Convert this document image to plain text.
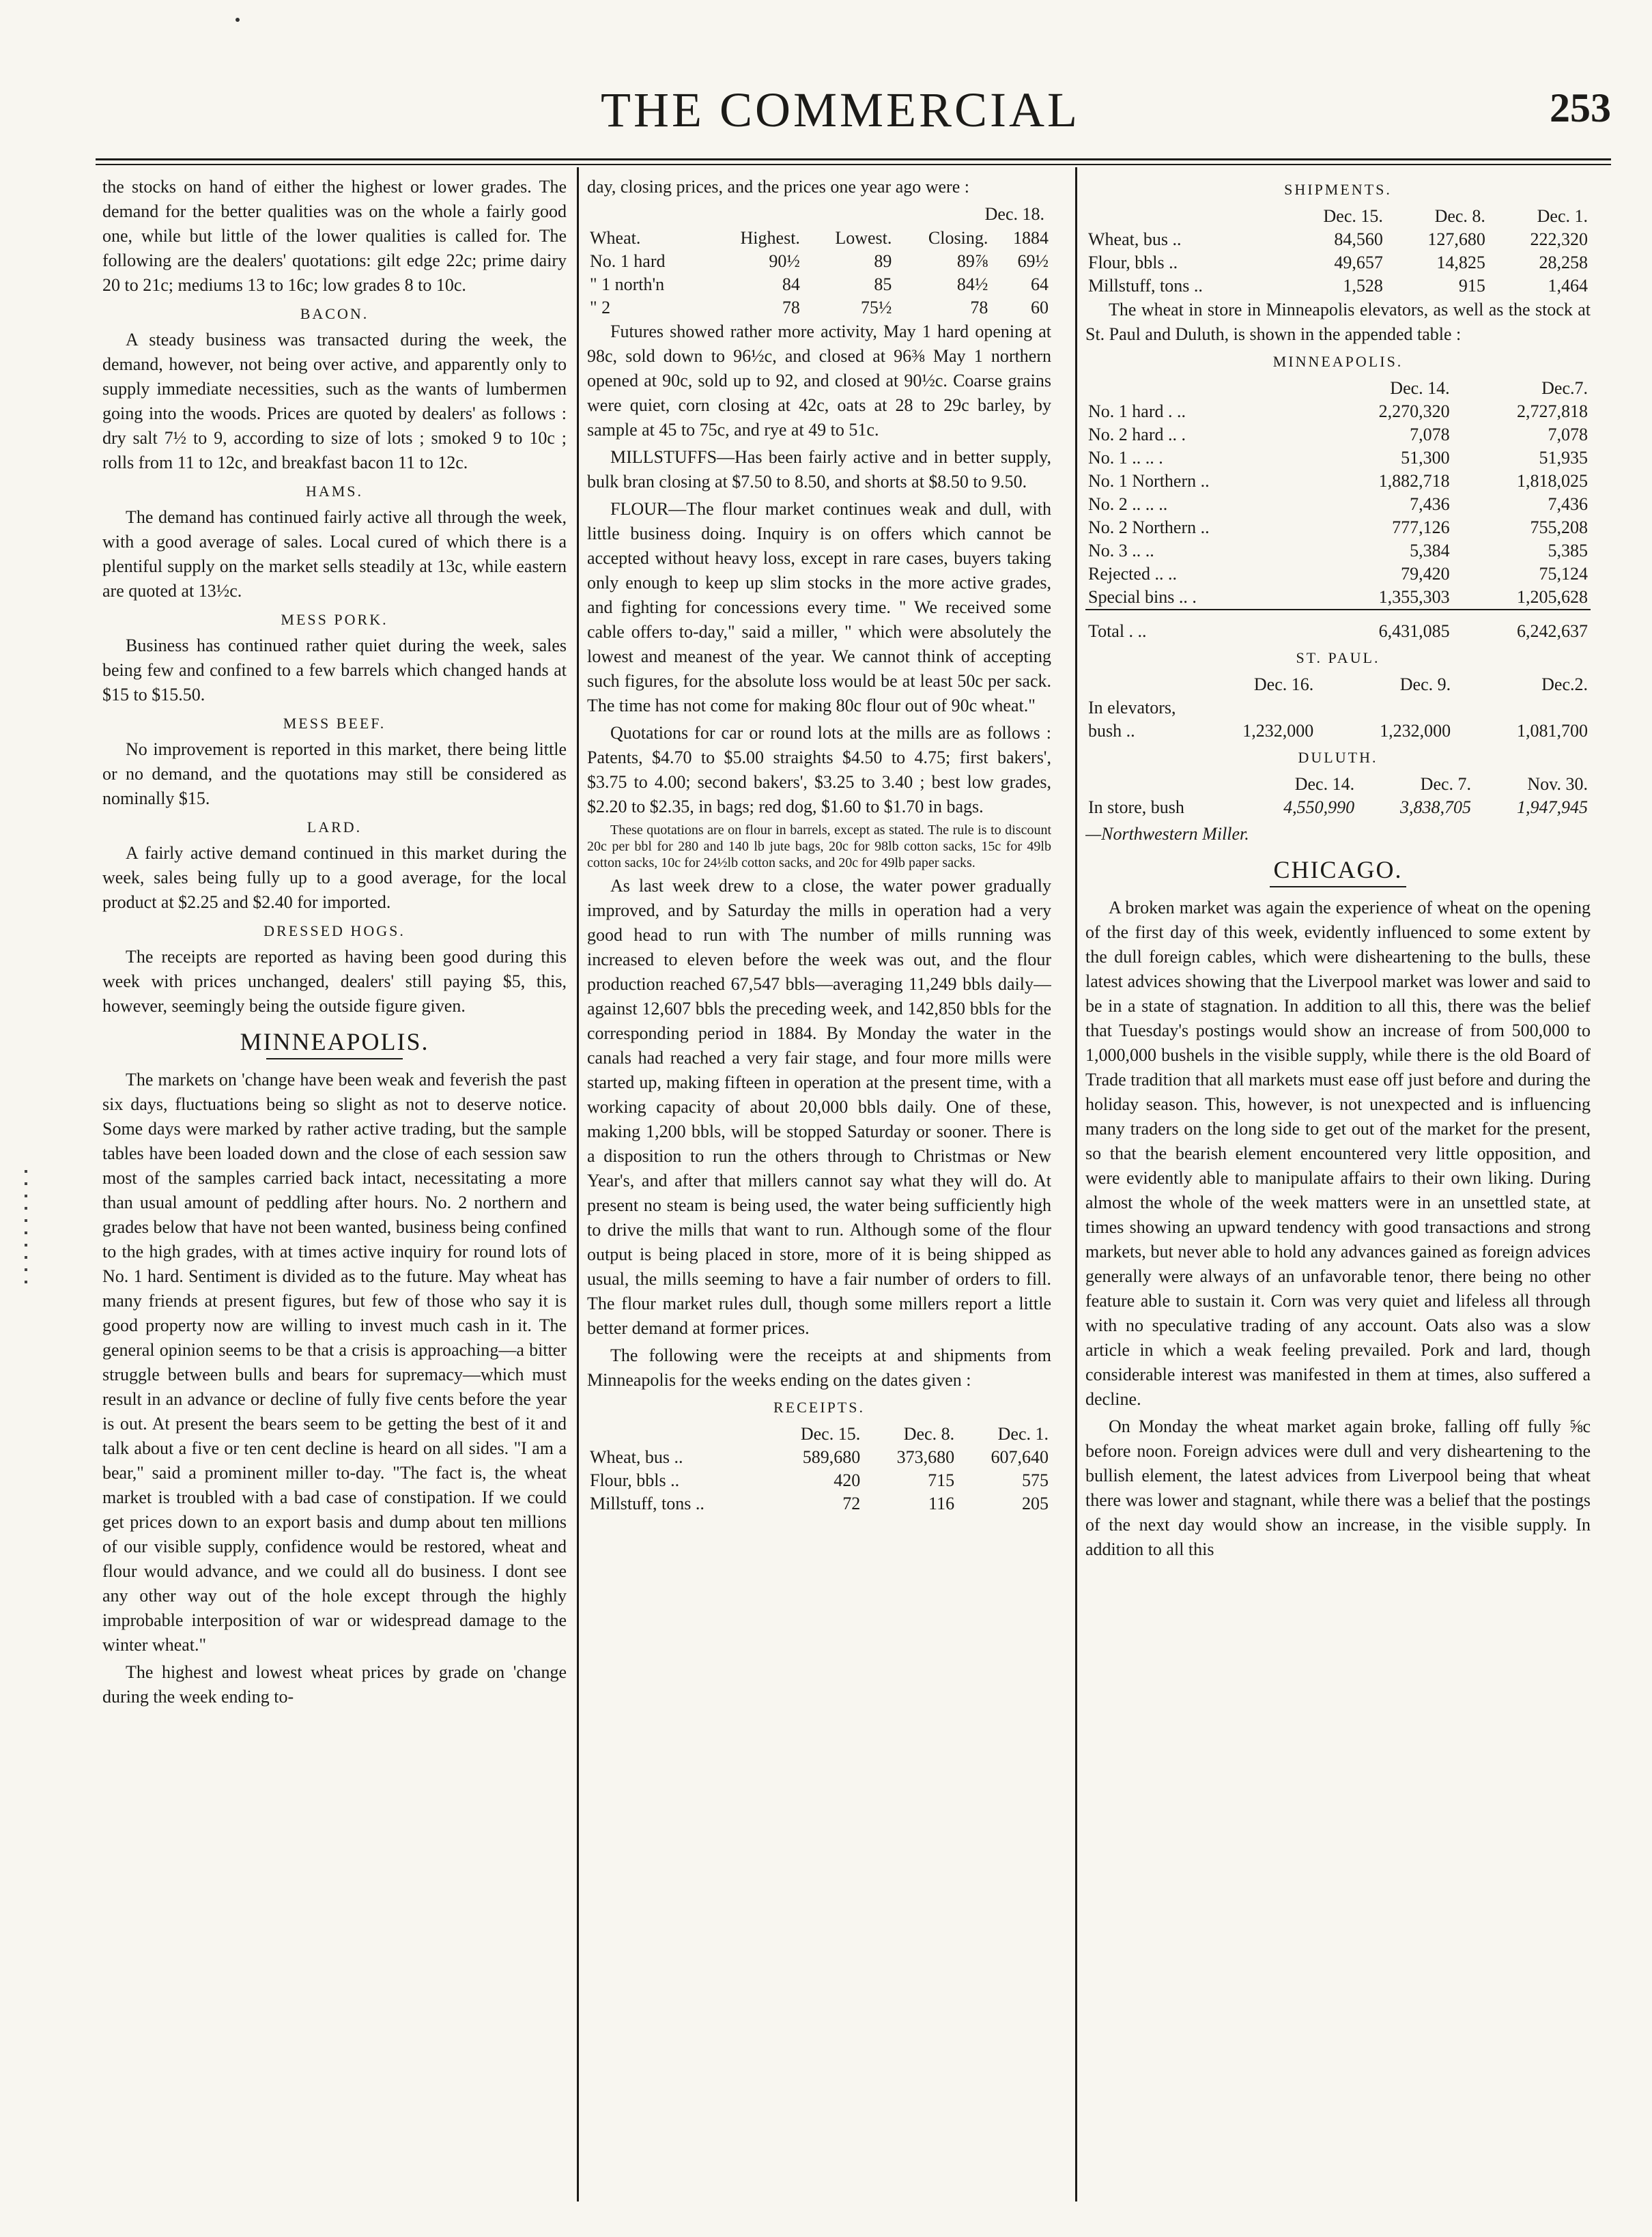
THE COMMERCIAL	253

the stocks on hand of either the highest or lower grades. The demand for the better qualities was on the whole a fairly good one, while but little of the lower qualities is called for. The following are the dealers' quotations: gilt edge 22c; prime dairy 20 to 21c; mediums 13 to 16c; low grades 8 to 10c.

BACON.

A steady business was transacted during the week, the demand, however, not being over active, and apparently only to supply immediate necessities, such as the wants of lumbermen going into the woods. Prices are quoted by dealers' as follows : dry salt 7½ to 9, according to size of lots ; smoked 9 to 10c ; rolls from 11 to 12c, and breakfast bacon 11 to 12c.

HAMS.

The demand has continued fairly active all through the week, with a good average of sales. Local cured of which there is a plentiful supply on the market sells steadily at 13c, while eastern are quoted at 13½c.

MESS PORK.

Business has continued rather quiet during the week, sales being few and confined to a few barrels which changed hands at $15 to $15.50.

MESS BEEF.

No improvement is reported in this market, there being little or no demand, and the quotations may still be considered as nominally $15.

LARD.

A fairly active demand continued in this market during the week, sales being fully up to a good average, for the local product at $2.25 and $2.40 for imported.

DRESSED HOGS.

The receipts are reported as having been good during this week with prices unchanged, dealers' still paying $5, this, however, seemingly being the outside figure given.

MINNEAPOLIS.

The markets on 'change have been weak and feverish the past six days, fluctuations being so slight as not to deserve notice. Some days were marked by rather active trading, but the sample tables have been loaded down and the close of each session saw most of the samples carried back intact, necessitating a more than usual amount of peddling after hours. No. 2 northern and grades below that have not been wanted, business being confined to the high grades, with at times active inquiry for round lots of No. 1 hard. Sentiment is divided as to the future. May wheat has many friends at present figures, but few of those who say it is good property now are willing to invest much cash in it. The general opinion seems to be that a crisis is approaching—a bitter struggle between bulls and bears for supremacy—which must result in an advance or decline of fully five cents before the year is out. At present the bears seem to be getting the best of it and talk about a five or ten cent decline is heard on all sides. "I am a bear," said a prominent miller to-day. "The fact is, the wheat market is troubled with a bad case of constipation. If we could get prices down to an export basis and dump about ten millions of our visible supply, confidence would be restored, wheat and flour would advance, and we could all do business. I dont see any other way out of the hole except through the highly improbable interposition of war or widespread damage to the winter wheat."

The highest and lowest wheat prices by grade on 'change during the week ending to-

day, closing prices, and the prices one year ago were :

Dec. 18.
Wheat.	Highest.	Lowest.	Closing.	1884
No. 1 hard	90½	89	89⅞	69½
" 1 north'n	84	85	84½	64
" 2	78	75½	78	60

Futures showed rather more activity, May 1 hard opening at 98c, sold down to 96½c, and closed at 96⅜ May 1 northern opened at 90c, sold up to 92, and closed at 90½c. Coarse grains were quiet, corn closing at 42c, oats at 28 to 29c barley, by sample at 45 to 75c, and rye at 49 to 51c.

MILLSTUFFS—Has been fairly active and in better supply, bulk bran closing at $7.50 to 8.50, and shorts at $8.50 to 9.50.

FLOUR—The flour market continues weak and dull, with little business doing. Inquiry is on offers which cannot be accepted without heavy loss, except in rare cases, buyers taking only enough to keep up slim stocks in the more active grades, and fighting for concessions every time. " We received some cable offers to-day," said a miller, " which were absolutely the lowest and meanest of the year. We cannot think of accepting such figures, for the absolute loss would be at least 50c per sack. The time has not come for making 80c flour out of 90c wheat."

Quotations for car or round lots at the mills are as follows : Patents, $4.70 to $5.00 straights $4.50 to 4.75; first bakers', $3.75 to 4.00; second bakers', $3.25 to 3.40 ; best low grades, $2.20 to $2.35, in bags; red dog, $1.60 to $1.70 in bags.

These quotations are on flour in barrels, except as stated. The rule is to discount 20c per bbl for 280 and 140 lb jute bags, 20c for 98lb cotton sacks, 15c for 49lb cotton sacks, 10c for 24½lb cotton sacks, and 20c for 49lb paper sacks.

As last week drew to a close, the water power gradually improved, and by Saturday the mills in operation had a very good head to run with The number of mills running was increased to eleven before the week was out, and the flour production reached 67,547 bbls—averaging 11,249 bbls daily—against 12,607 bbls the preceding week, and 142,850 bbls for the corresponding period in 1884. By Monday the water in the canals had reached a very fair stage, and four more mills were started up, making fifteen in operation at the present time, with a working capacity of about 20,000 bbls daily. One of these, making 1,200 bbls, will be stopped Saturday or sooner. There is a disposition to run the others through to Christmas or New Year's, and after that millers cannot say what they will do. At present no steam is being used, the water being sufficiently high to drive the mills that want to run. Although some of the flour output is being placed in store, more of it is being shipped as usual, the mills seeming to have a fair number of orders to fill. The flour market rules dull, though some millers report a little better demand at former prices.

The following were the receipts at and shipments from Minneapolis for the weeks ending on the dates given :

RECEIPTS.
	Dec. 15.	Dec. 8.	Dec. 1.
Wheat, bus ..	589,680	373,680	607,640
Flour, bbls ..	420	715	575
Millstuff, tons ..	72	116	205
SHIPMENTS.
	Dec. 15.	Dec. 8.	Dec. 1.
Wheat, bus ..	84,560	127,680	222,320
Flour, bbls ..	49,657	14,825	28,258
Millstuff, tons ..	1,528	915	1,464

The wheat in store in Minneapolis elevators, as well as the stock at St. Paul and Duluth, is shown in the appended table :

MINNEAPOLIS.
	Dec. 14.	Dec.7.
No. 1 hard . ..	2,270,320	2,727,818
No. 2 hard .. .	7,078	7,078
No. 1 .. .. .	51,300	51,935
No. 1 Northern ..	1,882,718	1,818,025
No. 2 .. .. ..	7,436	7,436
No. 2 Northern ..	777,126	755,208
No. 3 .. ..	5,384	5,385
Rejected .. ..	79,420	75,124
Special bins .. .	1,355,303	1,205,628

Total . ..	6,431,085	6,242,637
ST. PAUL.
	Dec. 16.	Dec. 9.	Dec.2.
In elevators,			
bush ..	1,232,000	1,232,000	1,081,700
DULUTH.
	Dec. 14.	Dec. 7.	Nov. 30.
In store, bush	4,550,990	3,838,705	1,947,945
—Northwestern Miller.
CHICAGO.

A broken market was again the experience of wheat on the opening of the first day of this week, evidently influenced to some extent by the dull foreign cables, which were disheartening to the bulls, these latest advices showing that the Liverpool market was lower and said to be in a state of stagnation. In addition to all this, there was the belief that Tuesday's postings would show an increase of from 500,000 to 1,000,000 bushels in the visible supply, while there is the old Board of Trade tradition that all markets must ease off just before and during the holiday season. This, however, is not unexpected and is influencing many traders on the long side to get out of the market for the present, so that the bearish element encountered very little opposition, and were evidently able to manipulate affairs to their own liking. During almost the whole of the week matters were in an unsettled state, at times showing an upward tendency with good transactions and strong markets, but never able to hold any advances gained as foreign advices generally were always of an unfavorable tenor, there being no other feature able to sustain it. Corn was very quiet and lifeless all through with no speculative trading of any account. Oats also was a slow article in which a weak feeling prevailed. Pork and lard, though considerable interest was manifested in them at times, also suffered a decline.

On Monday the wheat market again broke, falling off fully ⅝c before noon. Foreign advices were dull and very disheartening to the bullish element, the latest advices from Liverpool being that wheat there was lower and stagnant, while there was a belief that the postings of the next day would show an increase, in the visible supply. In addition to all this
